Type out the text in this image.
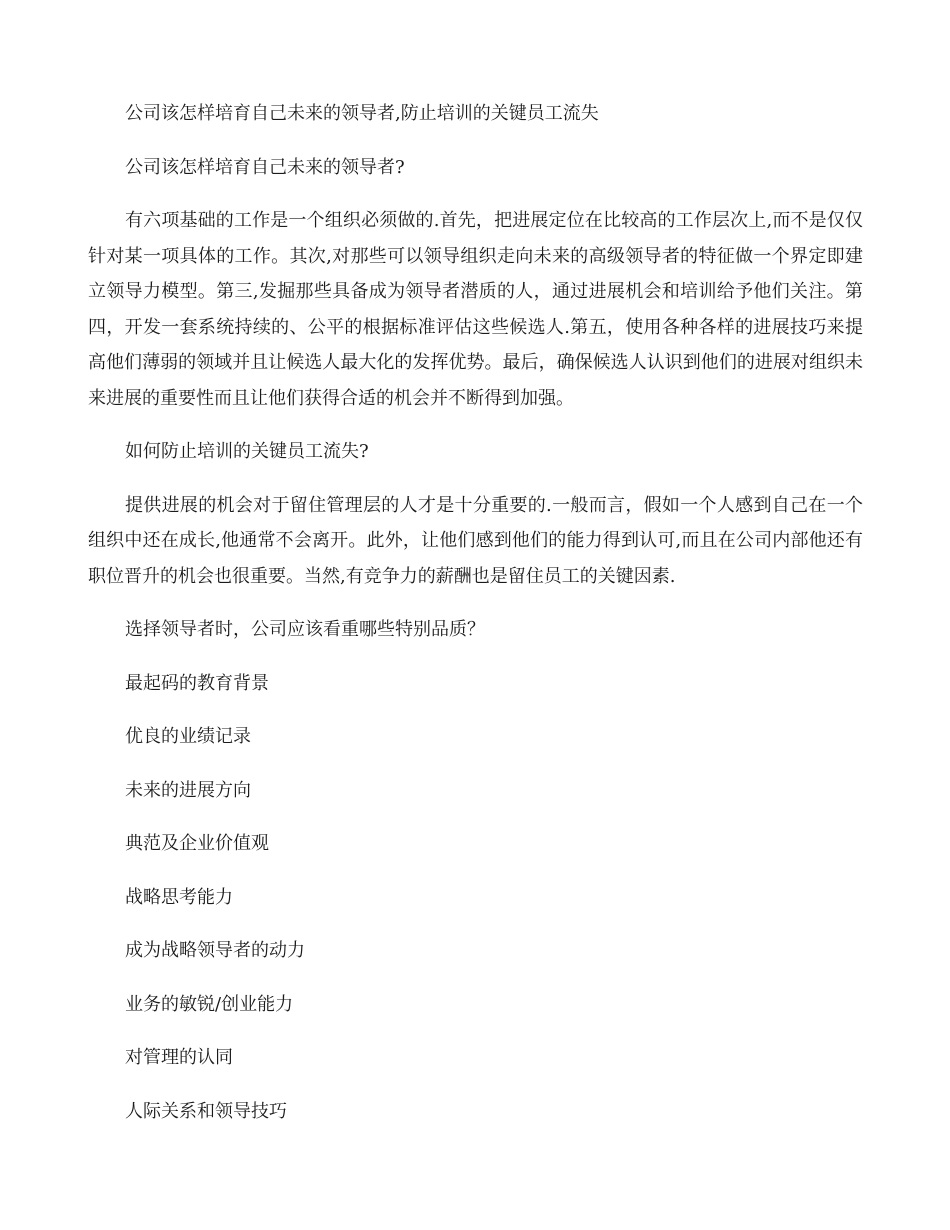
公司该怎样培育自己未来的领导者,防止培训的关键员工流失

公司该怎样培育自己未来的领导者?

有六项基础的工作是一个组织必须做的.首先，把进展定位在比较高的工作层次上,而不是仅仅针对某一项具体的工作。其次,对那些可以领导组织走向未来的高级领导者的特征做一个界定即建立领导力模型。第三,发掘那些具备成为领导者潜质的人，通过进展机会和培训给予他们关注。第四，开发一套系统持续的、公平的根据标准评估这些候选人.第五，使用各种各样的进展技巧来提高他们薄弱的领域并且让候选人最大化的发挥优势。最后，确保候选人认识到他们的进展对组织未来进展的重要性而且让他们获得合适的机会并不断得到加强。

如何防止培训的关键员工流失?

提供进展的机会对于留住管理层的人才是十分重要的.一般而言，假如一个人感到自己在一个组织中还在成长,他通常不会离开。此外，让他们感到他们的能力得到认可,而且在公司内部他还有职位晋升的机会也很重要。当然,有竞争力的薪酬也是留住员工的关键因素.

选择领导者时，公司应该看重哪些特别品质？

最起码的教育背景

优良的业绩记录

未来的进展方向

典范及企业价值观

战略思考能力

成为战略领导者的动力

业务的敏锐/创业能力

对管理的认同

人际关系和领导技巧
